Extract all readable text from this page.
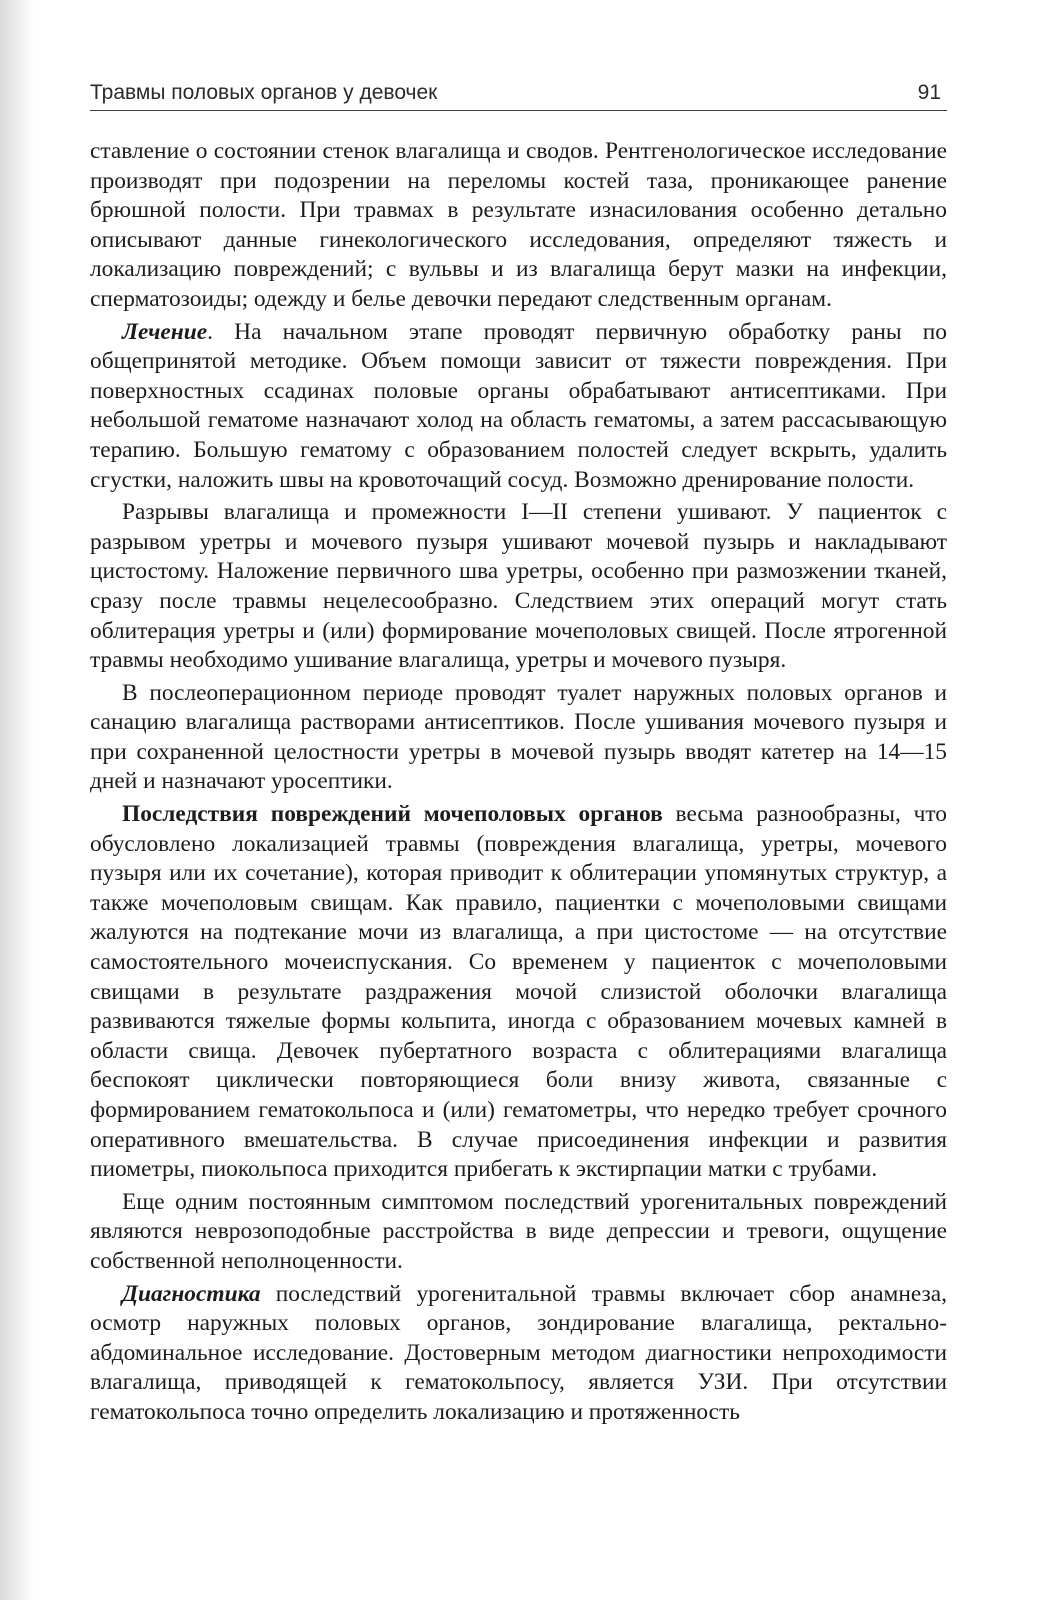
Травмы половых органов у девочек	91

ставление о состоянии стенок влагалища и сводов. Рентгенологическое исследование производят при подозрении на переломы костей таза, проникающее ранение брюшной полости. При травмах в результате изнасилования особенно детально описывают данные гинекологического исследования, определяют тяжесть и локализацию повреждений; с вульвы и из влагалища берут мазки на инфекции, сперматозоиды; одежду и белье девочки передают следственным органам.

Лечение. На начальном этапе проводят первичную обработку раны по общепринятой методике. Объем помощи зависит от тяжести повреждения. При поверхностных ссадинах половые органы обрабатывают антисептиками. При небольшой гематоме назначают холод на область гематомы, а затем рассасывающую терапию. Большую гематому с образованием полостей следует вскрыть, удалить сгустки, наложить швы на кровоточащий сосуд. Возможно дренирование полости.

Разрывы влагалища и промежности I—II степени ушивают. У пациенток с разрывом уретры и мочевого пузыря ушивают мочевой пузырь и накладывают цистостому. Наложение первичного шва уретры, особенно при размозжении тканей, сразу после травмы нецелесообразно. Следствием этих операций могут стать облитерация уретры и (или) формирование мочеполовых свищей. После ятрогенной травмы необходимо ушивание влагалища, уретры и мочевого пузыря.

В послеоперационном периоде проводят туалет наружных половых органов и санацию влагалища растворами антисептиков. После ушивания мочевого пузыря и при сохраненной целостности уретры в мочевой пузырь вводят катетер на 14—15 дней и назначают уросептики.

Последствия повреждений мочеполовых органов весьма разнообразны, что обусловлено локализацией травмы (повреждения влагалища, уретры, мочевого пузыря или их сочетание), которая приводит к облитерации упомянутых структур, а также мочеполовым свищам. Как правило, пациентки с мочеполовыми свищами жалуются на подтекание мочи из влагалища, а при цистостоме — на отсутствие самостоятельного мочеиспускания. Со временем у пациенток с мочеполовыми свищами в результате раздражения мочой слизистой оболочки влагалища развиваются тяжелые формы кольпита, иногда с образованием мочевых камней в области свища. Девочек пубертатного возраста с облитерациями влагалища беспокоят циклически повторяющиеся боли внизу живота, связанные с формированием гематокольпоса и (или) гематометры, что нередко требует срочного оперативного вмешательства. В случае присоединения инфекции и развития пиометры, пиокольпоса приходится прибегать к экстирпации матки с трубами.

Еще одним постоянным симптомом последствий урогенитальных повреждений являются неврозоподобные расстройства в виде депрессии и тревоги, ощущение собственной неполноценности.

Диагностика последствий урогенитальной травмы включает сбор анамнеза, осмотр наружных половых органов, зондирование влагалища, ректально-абдоминальное исследование. Достоверным методом диагностики непроходимости влагалища, приводящей к гематокольпосу, является УЗИ. При отсутствии гематокольпоса точно определить локализацию и протяженность
